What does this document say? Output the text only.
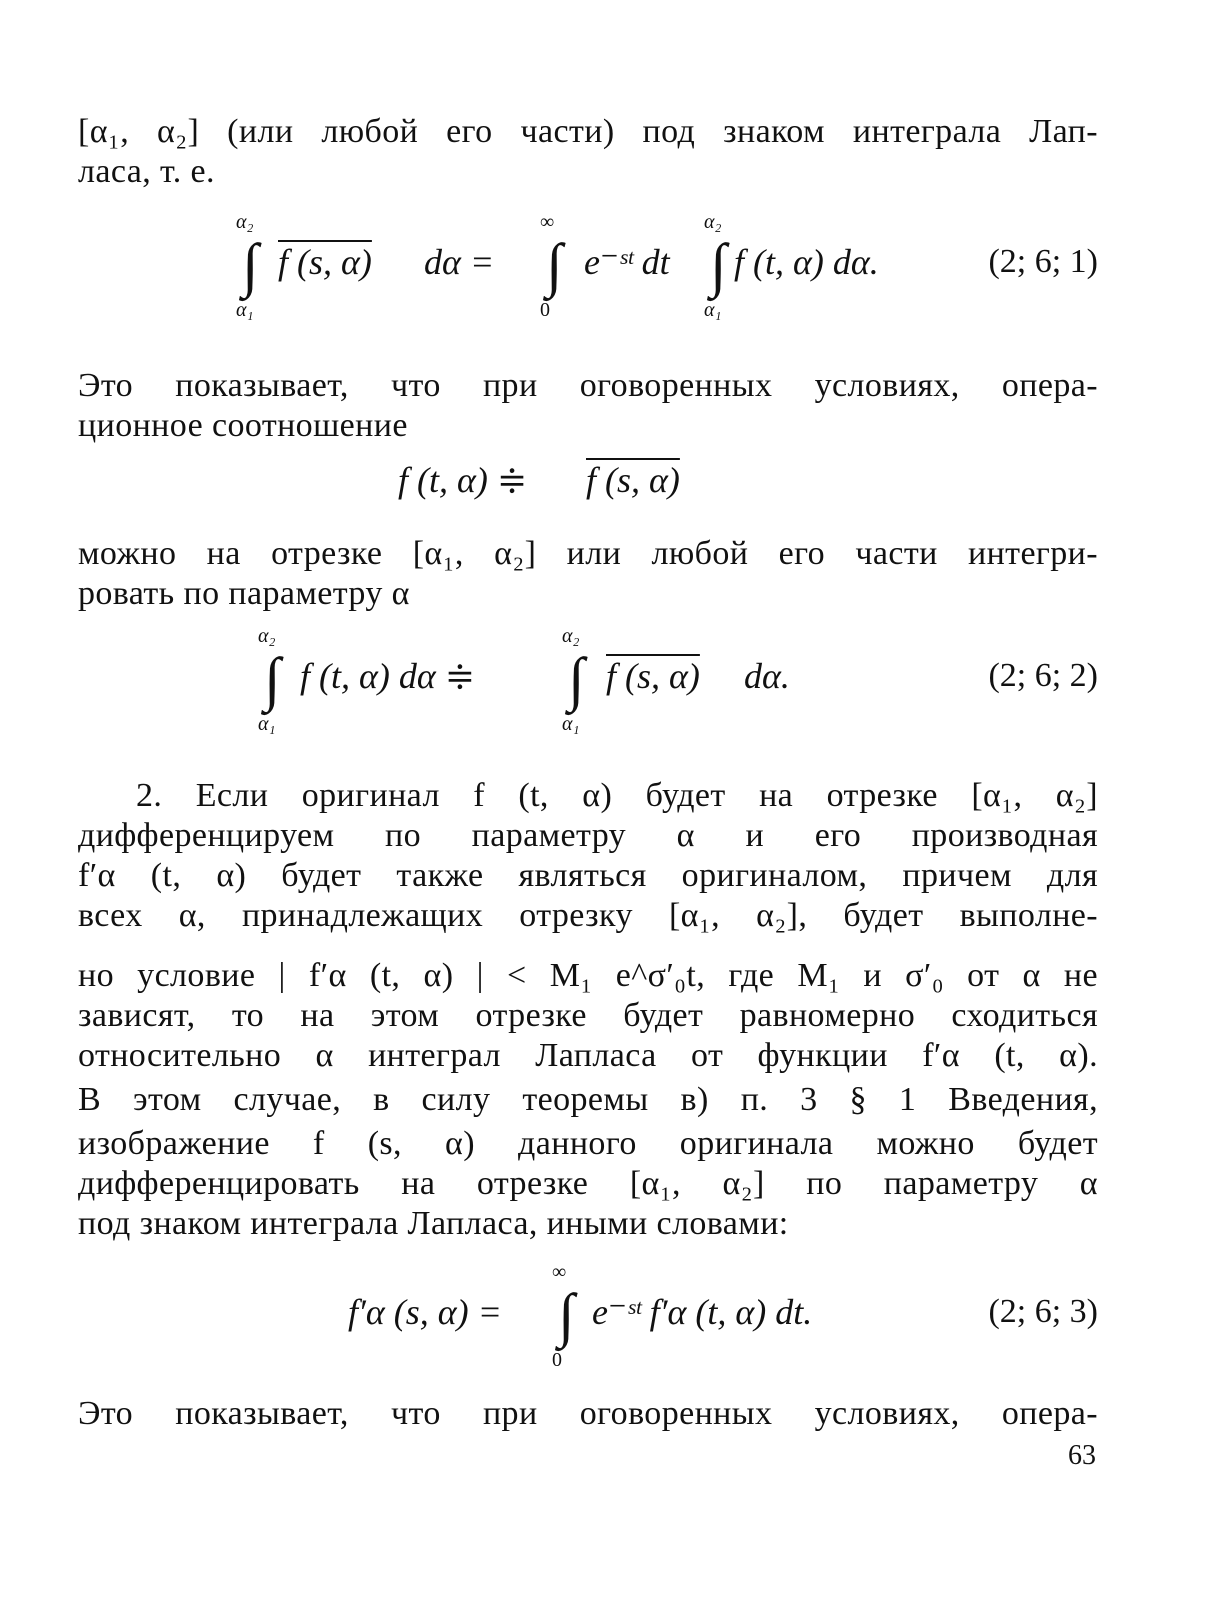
[α₁, α₂] (или любой его части) под знаком интеграла Лап-
ласа, т. е.
α₂
∫
α₁
f (s, α) dα =
∞
∫
0
e⁻ˢᵗ dt
α₂
∫
α₁
f (t, α) dα.	(2; 6; 1)
Это показывает, что при оговоренных условиях, опера-
ционное соотношение
f (t, α) ≑ f (s, α)
можно на отрезке [α₁, α₂] или любой его части интегри-
ровать по параметру α
α₂
∫
α₁
f (t, α) dα ≑
α₂
∫
α₁
f (s, α) dα.	(2; 6; 2)
2. Если оригинал f (t, α) будет на отрезке [α₁, α₂]
дифференцируем по параметру α и его производная
f′α (t, α) будет также являться оригиналом, причем для
всех α, принадлежащих отрезку [α₁, α₂], будет выполне-
но условие | f′α (t, α) | < M₁ e^σ′₀t, где M₁ и σ′₀ от α не
зависят, то на этом отрезке будет равномерно сходиться
относительно α интеграл Лапласа от функции f′α (t, α).
В этом случае, в силу теоремы в) п. 3 § 1 Введения,
изображение f (s, α) данного оригинала можно будет
дифференцировать на отрезке [α₁, α₂] по параметру α
под знаком интеграла Лапласа, иными словами:
f′α (s, α) =
∞
∫
0
e⁻ˢᵗ f′α (t, α) dt.	(2; 6; 3)
Это показывает, что при оговоренных условиях, опера-
63
